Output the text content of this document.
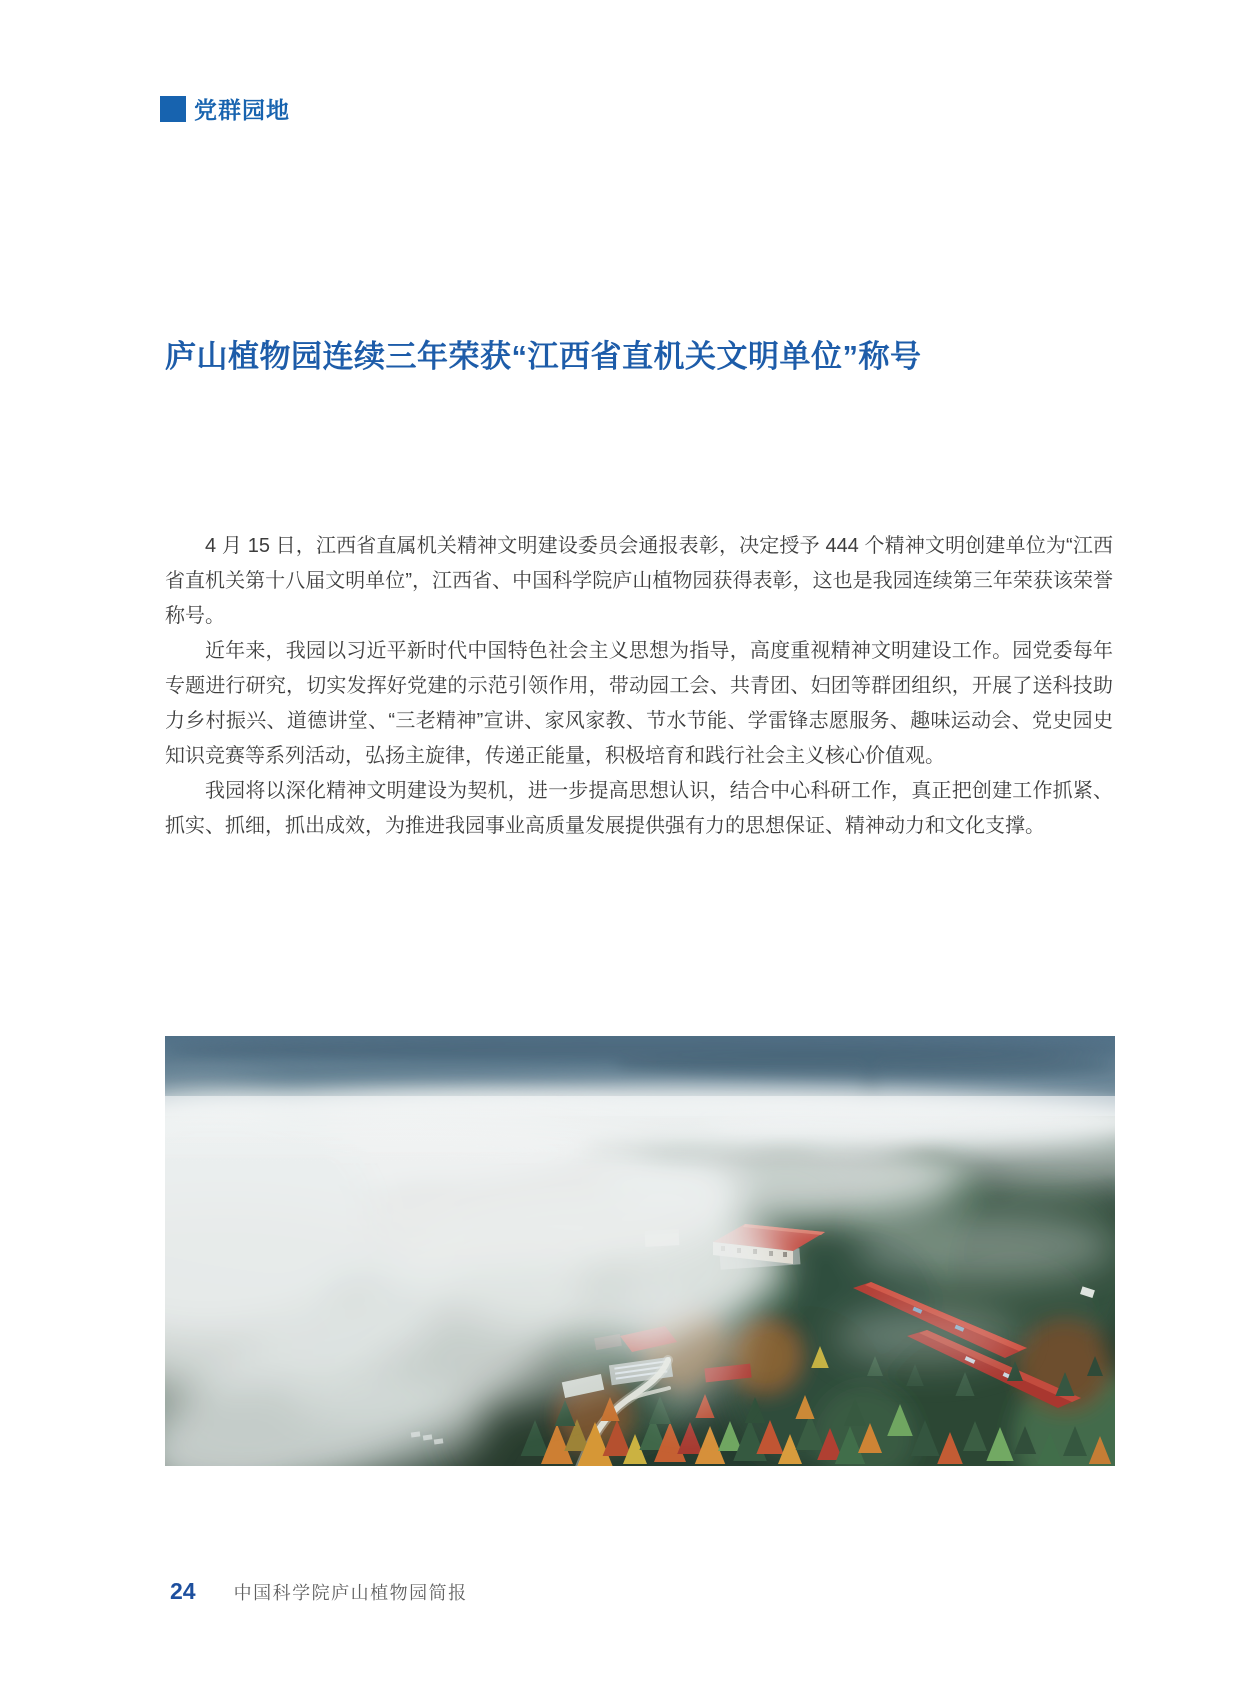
党群园地
庐山植物园连续三年荣获“江西省直机关文明单位”称号

4 月 15 日，江西省直属机关精神文明建设委员会通报表彰，决定授予 444 个精神文明创建单位为“江西省直机关第十八届文明单位”，江西省、中国科学院庐山植物园获得表彰，这也是我园连续第三年荣获该荣誉称号。

近年来，我园以习近平新时代中国特色社会主义思想为指导，高度重视精神文明建设工作。园党委每年专题进行研究，切实发挥好党建的示范引领作用，带动园工会、共青团、妇团等群团组织，开展了送科技助力乡村振兴、道德讲堂、“三老精神”宣讲、家风家教、节水节能、学雷锋志愿服务、趣味运动会、党史园史知识竞赛等系列活动，弘扬主旋律，传递正能量，积极培育和践行社会主义核心价值观。

我园将以深化精神文明建设为契机，进一步提高思想认识，结合中心科研工作，真正把创建工作抓紧、抓实、抓细，抓出成效，为推进我园事业高质量发展提供强有力的思想保证、精神动力和文化支撑。

24 中国科学院庐山植物园简报
